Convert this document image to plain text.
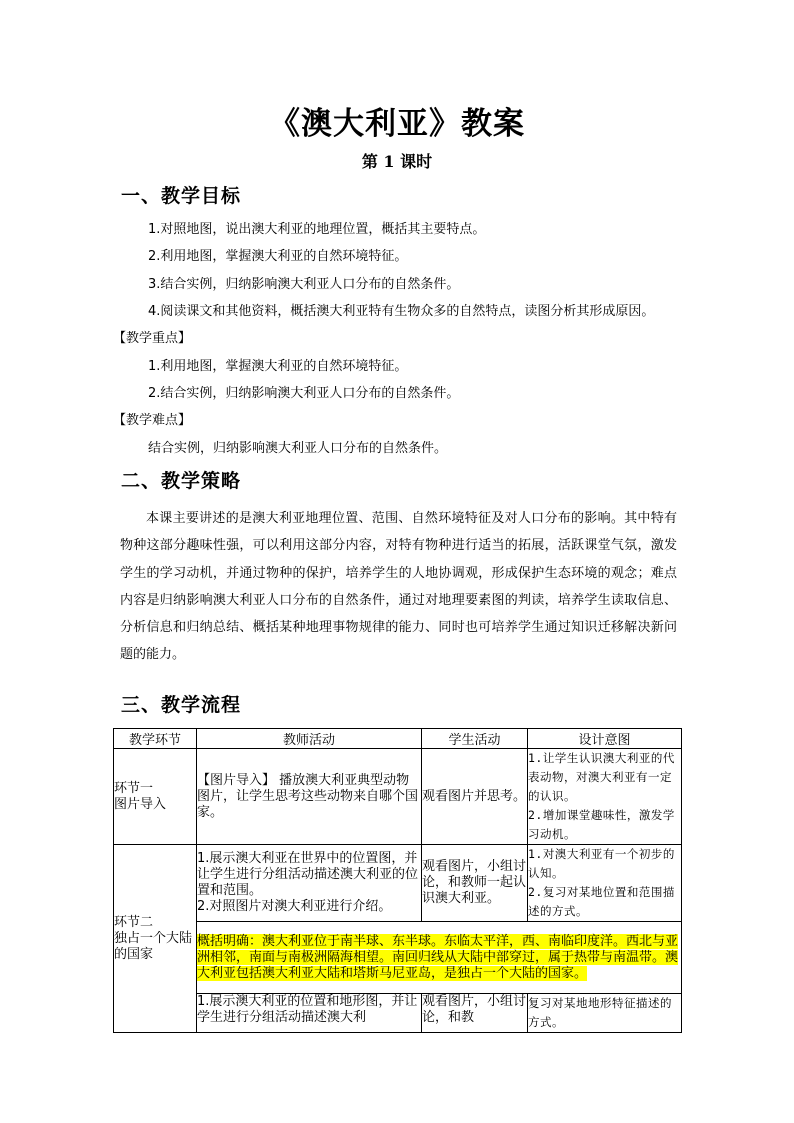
《澳大利亚》教案
第 1 课时
一、教学目标
1.对照地图，说出澳大利亚的地理位置，概括其主要特点。
2.利用地图，掌握澳大利亚的自然环境特征。
3.结合实例，归纳影响澳大利亚人口分布的自然条件。
4.阅读课文和其他资料，概括澳大利亚特有生物众多的自然特点，读图分析其形成原因。
【教学重点】
1.利用地图，掌握澳大利亚的自然环境特征。
2.结合实例，归纳影响澳大利亚人口分布的自然条件。
【教学难点】
结合实例，归纳影响澳大利亚人口分布的自然条件。
二、教学策略
本课主要讲述的是澳大利亚地理位置、范围、自然环境特征及对人口分布的影响。其中特有物种这部分趣味性强，可以利用这部分内容，对特有物种进行适当的拓展，活跃课堂气氛，激发学生的学习动机，并通过物种的保护，培养学生的人地协调观，形成保护生态环境的观念；难点内容是归纳影响澳大利亚人口分布的自然条件，通过对地理要素图的判读，培养学生读取信息、分析信息和归纳总结、概括某种地理事物规律的能力、同时也可培养学生通过知识迁移解决新问题的能力。
三、教学流程
教学环节	教师活动	学生活动	设计意图
环节一
图片导入	【图片导入】 播放澳大利亚典型动物图片，让学生思考这些动物来自哪个国家。	观看图片并思考。	1.让学生认识澳大利亚的代表动物，对澳大利亚有一定的认识。
2.增加课堂趣味性，激发学习动机。
环节二
独占一个大陆的国家	1.展示澳大利亚在世界中的位置图，并让学生进行分组活动描述澳大利亚的位置和范围。
2.对照图片对澳大利亚进行介绍。	观看图片，小组讨论，和教师一起认识澳大利亚。	1.对澳大利亚有一个初步的认知。
2.复习对某地位置和范围描述的方式。
	概括明确：澳大利亚位于南半球、东半球。东临太平洋，西、南临印度洋。西北与亚洲相邻，南面与南极洲隔海相望。南回归线从大陆中部穿过，属于热带与南温带。澳大利亚包括澳大利亚大陆和塔斯马尼亚岛，是独占一个大陆的国家。		
	1.展示澳大利亚的位置和地形图，并让学生进行分组活动描述澳大利	观看图片，小组讨论，和教	复习对某地地形特征描述的方式。
